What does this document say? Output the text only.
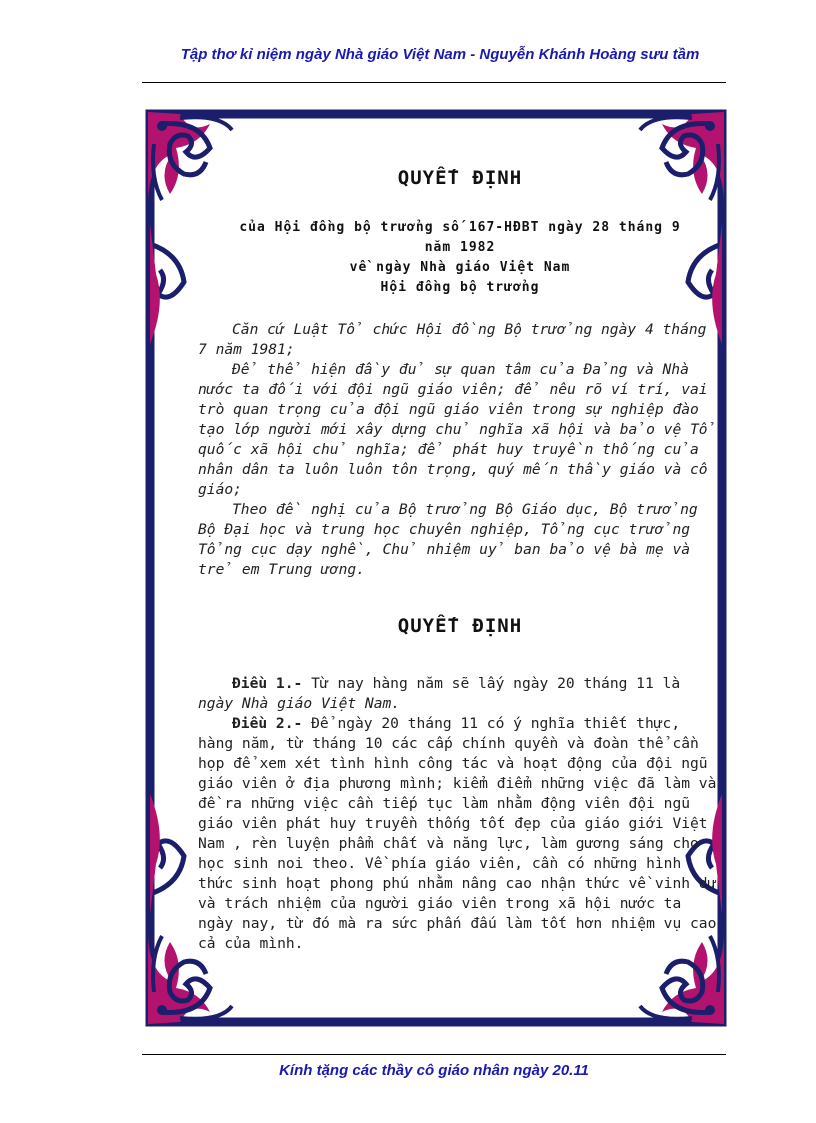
Tập thơ kỉ niệm ngày Nhà giáo Việt Nam - Nguyễn Khánh Hoàng sưu tầm
QUYẾT ĐỊNH
của Hội đồng bộ trưởng số 167-HĐBT ngày 28 tháng 9
năm 1982
về ngày Nhà giáo Việt Nam
Hội đồng bộ trưởng

Căn cứ Luật Tổ chức Hội đồng Bộ trưởng ngày 4 tháng 7 năm 1981;

Để thể hiện đầy đủ sự quan tâm của Đảng và Nhà nước ta đối với đội ngũ giáo viên; để nêu rõ ví trí, vai trò quan trọng của đội ngũ giáo viên trong sự nghiệp đào tạo lớp người mới xây dựng chủ nghĩa xã hội và bảo vệ Tổ quốc xã hội chủ nghĩa; để phát huy truyền thống của nhân dân ta luôn luôn tôn trọng, quý mến thầy giáo và cô giáo;

Theo đề nghị của Bộ trưởng Bộ Giáo dục, Bộ trưởng Bộ Đại học và trung học chuyên nghiệp, Tổng cục trưởng Tổng cục dạy nghề, Chủ nhiệm uỷ ban bảo vệ bà mẹ và trẻ em Trung ương.

QUYẾT ĐỊNH

Điều 1.- Từ nay hàng năm sẽ lấy ngày 20 tháng 11 là ngày Nhà giáo Việt Nam.

Điều 2.- Để ngày 20 tháng 11 có ý nghĩa thiết thực, hàng năm, từ tháng 10 các cấp chính quyền và đoàn thể cần họp để xem xét tình hình công tác và hoạt động của đội ngũ giáo viên ở địa phương mình; kiểm điểm những việc đã làm và đề ra những việc cần tiếp tục làm nhằm động viên đội ngũ giáo viên phát huy truyền thống tốt đẹp của giáo giới Việt Nam , rèn luyện phẩm chất và năng lực, làm gương sáng cho học sinh noi theo. Về phía giáo viên, cần có những hình thức sinh hoạt phong phú nhằm nâng cao nhận thức về vinh dự và trách nhiệm của người giáo viên trong xã hội nước ta ngày nay, từ đó mà ra sức phấn đấu làm tốt hơn nhiệm vụ cao cả của mình.

Kính tặng các thầy cô giáo nhân ngày 20.11
